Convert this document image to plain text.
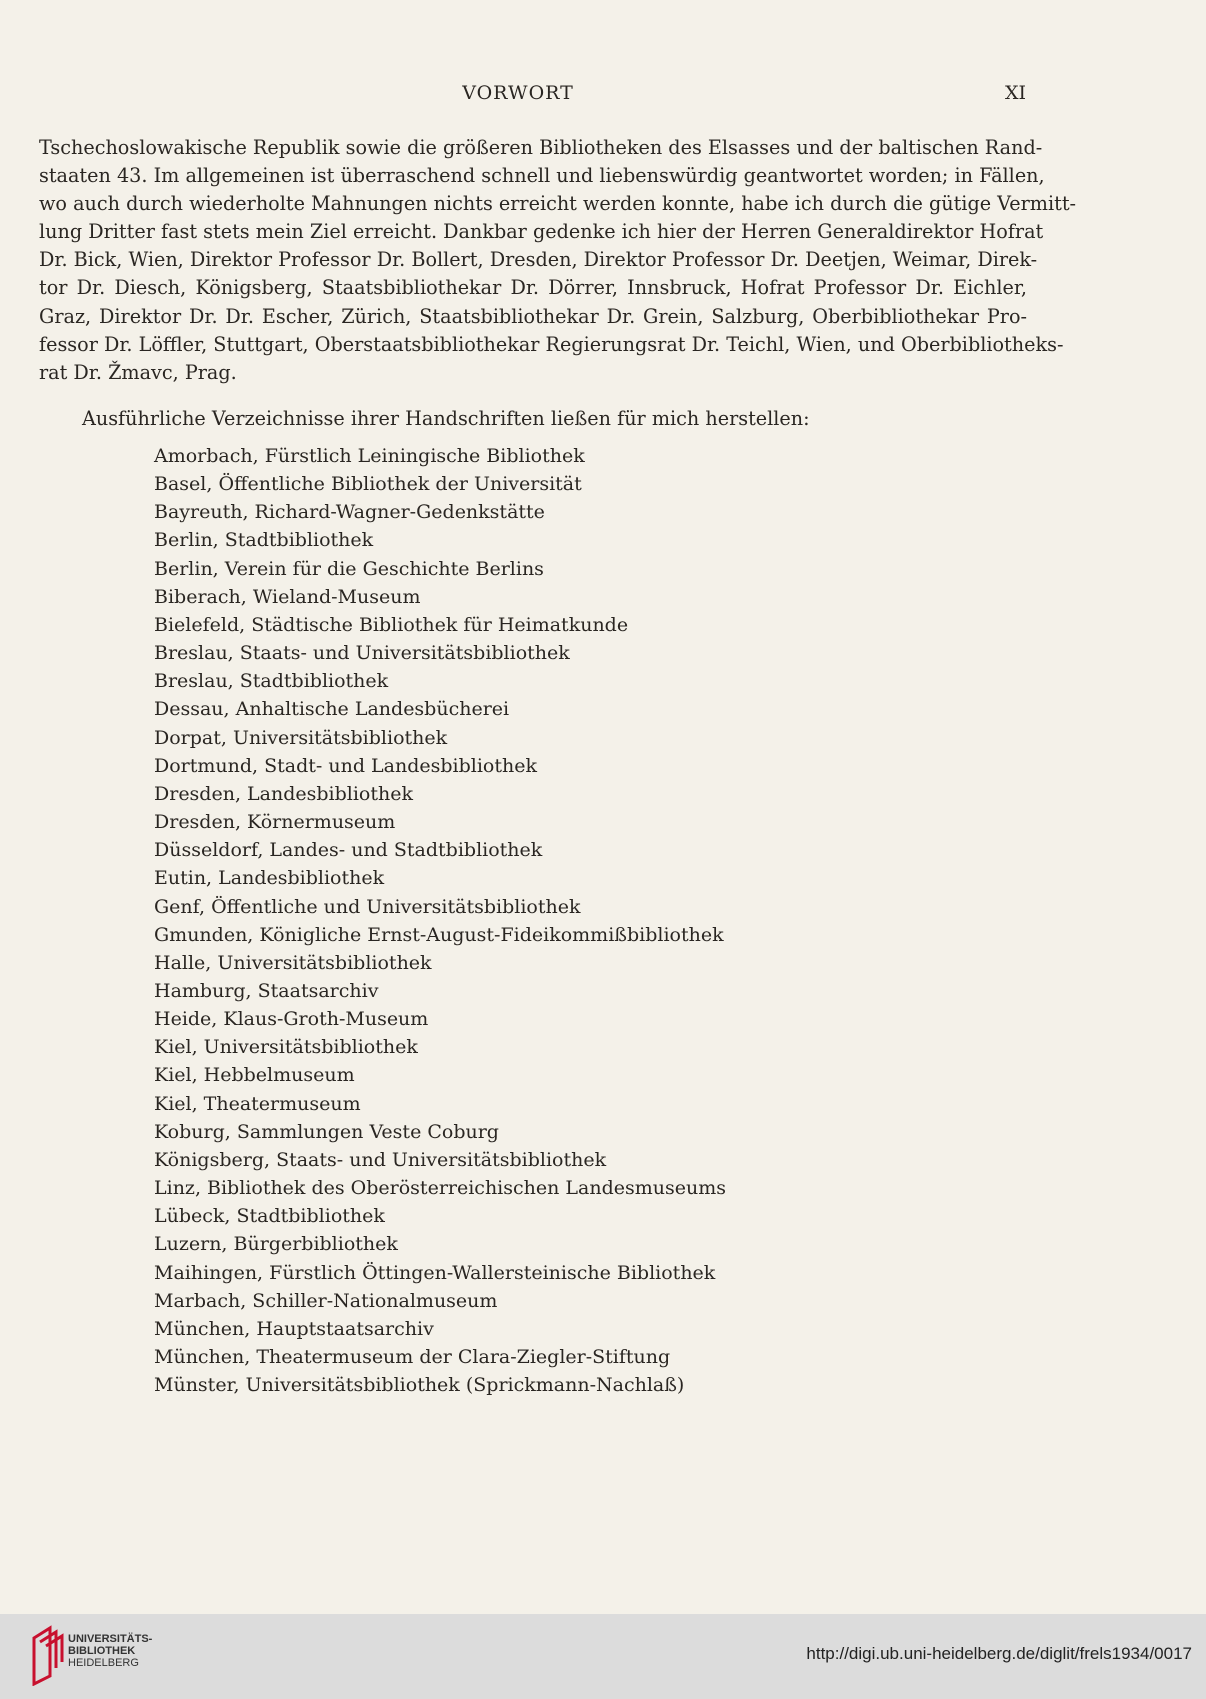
VORWORT	XI
Tschechoslowakische Republik sowie die größeren Bibliotheken des Elsasses und der baltischen Rand-
staaten 43. Im allgemeinen ist überraschend schnell und liebenswürdig geantwortet worden; in Fällen,
wo auch durch wiederholte Mahnungen nichts erreicht werden konnte, habe ich durch die gütige Vermitt-
lung Dritter fast stets mein Ziel erreicht. Dankbar gedenke ich hier der Herren Generaldirektor Hofrat
Dr. Bick, Wien, Direktor Professor Dr. Bollert, Dresden, Direktor Professor Dr. Deetjen, Weimar, Direk-
tor Dr. Diesch, Königsberg, Staatsbibliothekar Dr. Dörrer, Innsbruck, Hofrat Professor Dr. Eichler,
Graz, Direktor Dr. Dr. Escher, Zürich, Staatsbibliothekar Dr. Grein, Salzburg, Oberbibliothekar Pro-
fessor Dr. Löffler, Stuttgart, Oberstaatsbibliothekar Regierungsrat Dr. Teichl, Wien, und Oberbibliotheks-
rat Dr. Žmavc, Prag.
Ausführliche Verzeichnisse ihrer Handschriften ließen für mich herstellen:
Amorbach, Fürstlich Leiningische Bibliothek
Basel, Öffentliche Bibliothek der Universität
Bayreuth, Richard-Wagner-Gedenkstätte
Berlin, Stadtbibliothek
Berlin, Verein für die Geschichte Berlins
Biberach, Wieland-Museum
Bielefeld, Städtische Bibliothek für Heimatkunde
Breslau, Staats- und Universitätsbibliothek
Breslau, Stadtbibliothek
Dessau, Anhaltische Landesbücherei
Dorpat, Universitätsbibliothek
Dortmund, Stadt- und Landesbibliothek
Dresden, Landesbibliothek
Dresden, Körnermuseum
Düsseldorf, Landes- und Stadtbibliothek
Eutin, Landesbibliothek
Genf, Öffentliche und Universitätsbibliothek
Gmunden, Königliche Ernst-August-Fideikommißbibliothek
Halle, Universitätsbibliothek
Hamburg, Staatsarchiv
Heide, Klaus-Groth-Museum
Kiel, Universitätsbibliothek
Kiel, Hebbelmuseum
Kiel, Theatermuseum
Koburg, Sammlungen Veste Coburg
Königsberg, Staats- und Universitätsbibliothek
Linz, Bibliothek des Oberösterreichischen Landesmuseums
Lübeck, Stadtbibliothek
Luzern, Bürgerbibliothek
Maihingen, Fürstlich Öttingen-Wallersteinische Bibliothek
Marbach, Schiller-Nationalmuseum
München, Hauptstaatsarchiv
München, Theatermuseum der Clara-Ziegler-Stiftung
Münster, Universitätsbibliothek (Sprickmann-Nachlaß)
UNIVERSITÄTS-
BIBLIOTHEK
HEIDELBERG	http://digi.ub.uni-heidelberg.de/diglit/frels1934/0017
